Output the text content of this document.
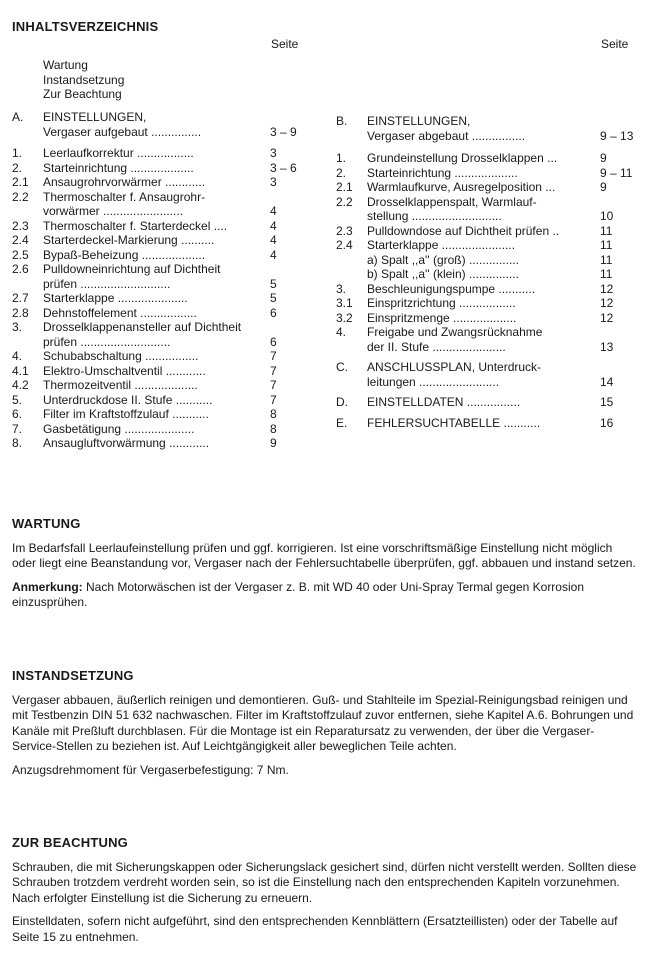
INHALTSVERZEICHNIS
Seite	Seite
Wartung
Instandsetzung
Zur Beachtung
A. EINSTELLUNGEN,
Vergaser aufgebaut ...............	3 – 9
1. Leerlaufkorrektur .................	3
2. Starteinrichtung ...................	3 – 6
2.1 Ansaugrohrvorwärmer ............	3
2.2 Thermoschalter f. Ansaugrohr-
vorwärmer ........................	4
2.3 Thermoschalter f. Starterdeckel ....	4
2.4 Starterdeckel-Markierung ..........	4
2.5 Bypaß-Beheizung ...................	4
2.6 Pulldowneinrichtung auf Dichtheit
prüfen ...........................	5
2.7 Starterklappe .....................	5
2.8 Dehnstoffelement .................	6
3. Drosselklappenansteller auf Dichtheit
prüfen ...........................	6
4. Schubabschaltung ................	7
4.1 Elektro-Umschaltventil ............	7
4.2 Thermozeitventil ...................	7
5. Unterdruckdose II. Stufe ...........	7
6. Filter im Kraftstoffzulauf ...........	8
7. Gasbetätigung .....................	8
8. Ansaugluftvorwärmung ............	9
B. EINSTELLUNGEN,
Vergaser abgebaut ................	9 – 13
1. Grundeinstellung Drosselklappen ...	9
2. Starteinrichtung ...................	9 – 11
2.1 Warmlaufkurve, Ausregelposition ...	9
2.2 Drosselklappenspalt, Warmlauf-
stellung ...........................	10
2.3 Pulldowndose auf Dichtheit prüfen ..	11
2.4 Starterklappe ......................	11
a) Spalt ,,a'' (groß) ...............	11
b) Spalt ,,a'' (klein) ...............	11
3. Beschleunigungspumpe ...........	12
3.1 Einspritzrichtung .................	12
3.2 Einspritzmenge ...................	12
4. Freigabe und Zwangsrücknahme
der II. Stufe ......................	13
C. ANSCHLUSSPLAN, Unterdruck-
leitungen ........................	14
D. EINSTELLDATEN ................	15
E. FEHLERSUCHTABELLE ...........	16
WARTUNG

Im Bedarfsfall Leerlaufeinstellung prüfen und ggf. korrigieren. Ist eine vorschriftsmäßige Einstellung nicht möglich oder liegt eine Beanstandung vor, Vergaser nach der Fehlersuchtabelle überprüfen, ggf. abbauen und instand setzen.

Anmerkung: Nach Motorwäschen ist der Vergaser z. B. mit WD 40 oder Uni-Spray Termal gegen Korrosion einzusprühen.

INSTANDSETZUNG

Vergaser abbauen, äußerlich reinigen und demontieren. Guß- und Stahlteile im Spezial-Reinigungsbad reinigen und mit Testbenzin DIN 51 632 nachwaschen. Filter im Kraftstoffzulauf zuvor entfernen, siehe Kapitel A.6. Bohrungen und Kanäle mit Preßluft durchblasen. Für die Montage ist ein Reparatursatz zu verwenden, der über die Vergaser-Service-Stellen zu beziehen ist. Auf Leichtgängigkeit aller beweglichen Teile achten.

Anzugsdrehmoment für Vergaserbefestigung: 7 Nm.

ZUR BEACHTUNG

Schrauben, die mit Sicherungskappen oder Sicherungslack gesichert sind, dürfen nicht verstellt werden. Sollten diese Schrauben trotzdem verdreht worden sein, so ist die Einstellung nach den entsprechenden Kapiteln vorzunehmen. Nach erfolgter Einstellung ist die Sicherung zu erneuern.

Einstelldaten, sofern nicht aufgeführt, sind den entsprechenden Kennblättern (Ersatzteillisten) oder der Tabelle auf Seite 15 zu entnehmen.
